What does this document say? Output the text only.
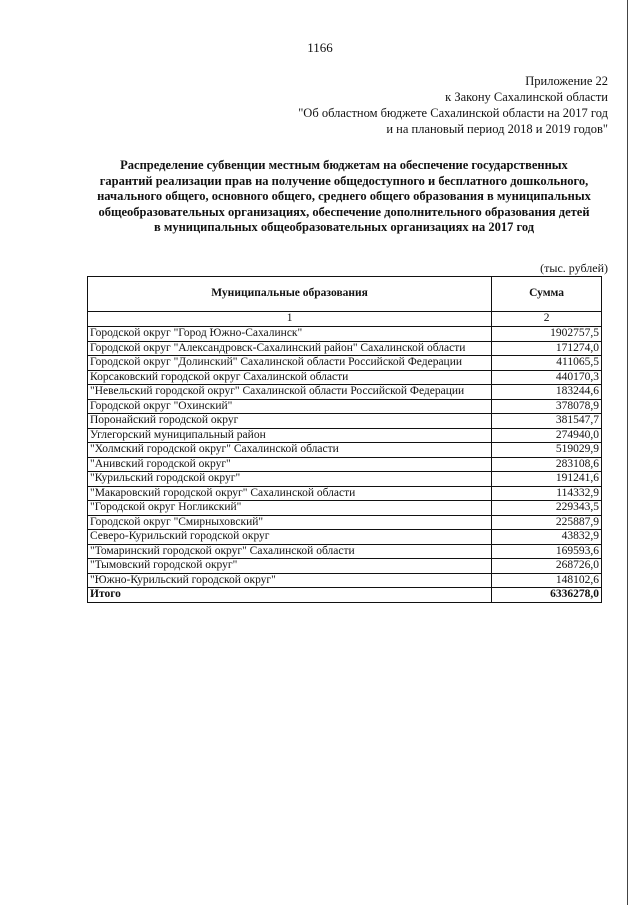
1166
Приложение 22
к Закону Сахалинской области
"Об областном бюджете Сахалинской области на 2017 год
и на плановый период 2018 и 2019 годов"
Распределение субвенции местным бюджетам на обеспечение государственных
гарантий реализации прав на получение общедоступного и бесплатного дошкольного,
начального общего, основного общего, среднего общего образования в муниципальных
общеобразовательных организациях, обеспечение дополнительного образования детей
в муниципальных общеобразовательных организациях на 2017 год
(тыс. рублей)
Муниципальные образования	Сумма
1	2
Городской округ "Город Южно-Сахалинск"	1902757,5
Городской округ "Александровск-Сахалинский район" Сахалинской области	171274,0
Городской округ "Долинский" Сахалинской области Российской Федерации	411065,5
Корсаковский городской округ Сахалинской области	440170,3
"Невельский городской округ" Сахалинской области Российской Федерации	183244,6
Городской округ "Охинский"	378078,9
Поронайский городской округ	381547,7
Углегорский муниципальный район	274940,0
"Холмский городской округ" Сахалинской области	519029,9
"Анивский городской округ"	283108,6
"Курильский городской округ"	191241,6
"Макаровский городской округ" Сахалинской области	114332,9
"Городской округ Ногликский"	229343,5
Городской округ "Смирныховский"	225887,9
Северо-Курильский городской округ	43832,9
"Томаринский городской округ" Сахалинской области	169593,6
"Тымовский городской округ"	268726,0
"Южно-Курильский городской округ"	148102,6
Итого	6336278,0
